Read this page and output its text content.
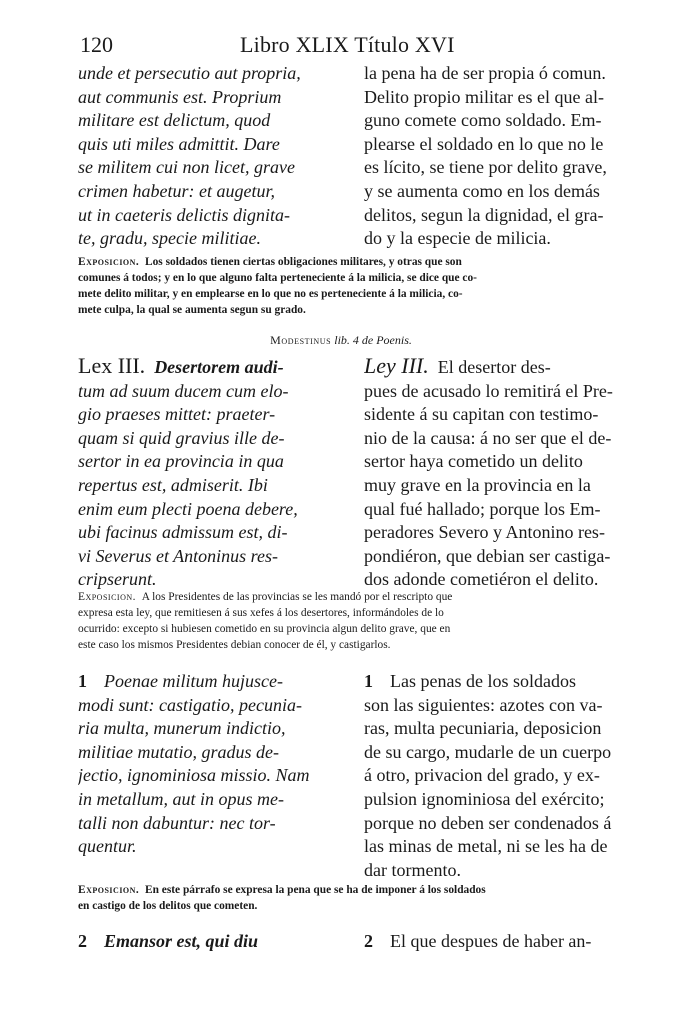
120	Libro XLIX Título XVI
unde et persecutio aut propria,
aut communis est. Proprium
militare est delictum, quod
quis uti miles admittit. Dare
se militem cui non licet, grave
crimen habetur: et augetur,
ut in caeteris delictis dignita-
te, gradu, specie militiae.
la pena ha de ser propia ó comun.
Delito propio militar es el que al-
guno comete como soldado. Em-
plearse el soldado en lo que no le
es lícito, se tiene por delito grave,
y se aumenta como en los demás
delitos, segun la dignidad, el gra-
do y la especie de milicia.
Exposicion. Los soldados tienen ciertas obligaciones militares, y otras que son
comunes á todos; y en lo que alguno falta perteneciente á la milicia, se dice que co-
mete delito militar, y en emplearse en lo que no es perteneciente á la milicia, co-
mete culpa, la qual se aumenta segun su grado.
Modestinus lib. 4 de Poenis.
Lex III. Desertorem audi-
tum ad suum ducem cum elo-
gio praeses mittet: praeter-
quam si quid gravius ille de-
sertor in ea provincia in qua
repertus est, admiserit. Ibi
enim eum plecti poena debere,
ubi facinus admissum est, di-
vi Severus et Antoninus res-
cripserunt.
Ley III. El desertor des-
pues de acusado lo remitirá el Pre-
sidente á su capitan con testimo-
nio de la causa: á no ser que el de-
sertor haya cometido un delito
muy grave en la provincia en la
qual fué hallado; porque los Em-
peradores Severo y Antonino res-
pondiéron, que debian ser castiga-
dos adonde cometiéron el delito.
Exposicion. A los Presidentes de las provincias se les mandó por el rescripto que
expresa esta ley, que remitiesen á sus xefes á los desertores, informándoles de lo
ocurrido: excepto si hubiesen cometido en su provincia algun delito grave, que en
este caso los mismos Presidentes debian conocer de él, y castigarlos.
1 Poenae militum hujusce-
modi sunt: castigatio, pecunia-
ria multa, munerum indictio,
militiae mutatio, gradus de-
jectio, ignominiosa missio. Nam
in metallum, aut in opus me-
talli non dabuntur: nec tor-
quentur.
1 Las penas de los soldados
son las siguientes: azotes con va-
ras, multa pecuniaria, deposicion
de su cargo, mudarle de un cuerpo
á otro, privacion del grado, y ex-
pulsion ignominiosa del exército;
porque no deben ser condenados á
las minas de metal, ni se les ha de
dar tormento.
Exposicion. En este párrafo se expresa la pena que se ha de imponer á los soldados
en castigo de los delitos que cometen.
2 Emansor est, qui diu	2 El que despues de haber an-
